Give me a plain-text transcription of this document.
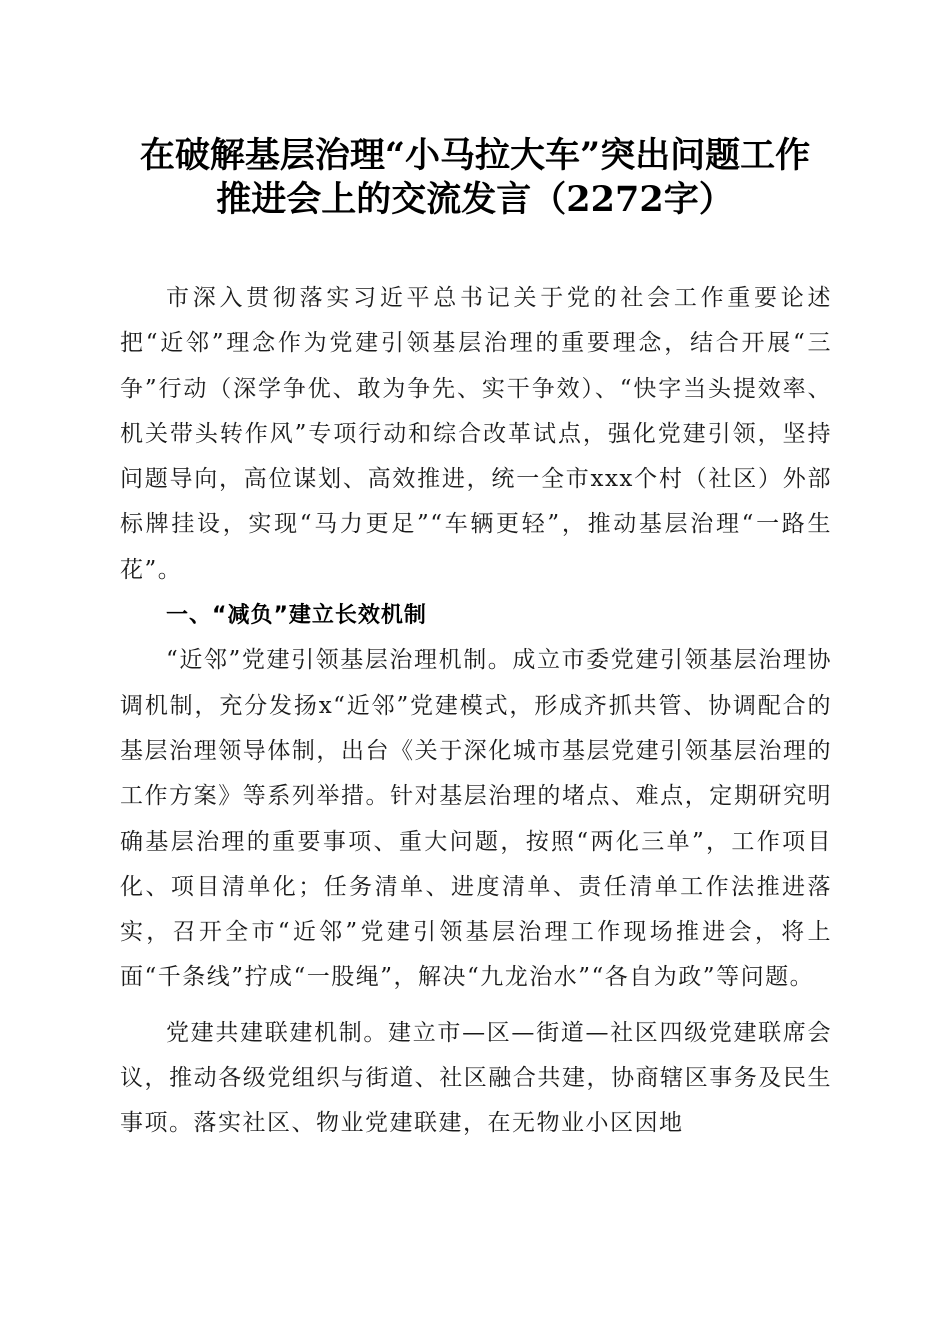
在破解基层治理“小马拉大车”突出问题工作
推进会上的交流发言（2272字）

市深入贯彻落实习近平总书记关于党的社会工作重要论述把“近邻”理念作为党建引领基层治理的重要理念，结合开展“三争”行动（深学争优、敢为争先、实干争效）、“快字当头提效率、机关带头转作风”专项行动和综合改革试点，强化党建引领，坚持问题导向，高位谋划、高效推进，统一全市xxx个村（社区）外部标牌挂设，实现“马力更足”“车辆更轻”，推动基层治理“一路生花”。

一、“减负”建立长效机制

“近邻”党建引领基层治理机制。成立市委党建引领基层治理协调机制，充分发扬x“近邻”党建模式，形成齐抓共管、协调配合的基层治理领导体制，出台《关于深化城市基层党建引领基层治理的工作方案》等系列举措。针对基层治理的堵点、难点，定期研究明确基层治理的重要事项、重大问题，按照“两化三单”，工作项目化、项目清单化；任务清单、进度清单、责任清单工作法推进落实，召开全市“近邻”党建引领基层治理工作现场推进会，将上面“千条线”拧成“一股绳”，解决“九龙治水”“各自为政”等问题。

党建共建联建机制。建立市—区—街道—社区四级党建联席会议，推动各级党组织与街道、社区融合共建，协商辖区事务及民生事项。落实社区、物业党建联建，在无物业小区因地
